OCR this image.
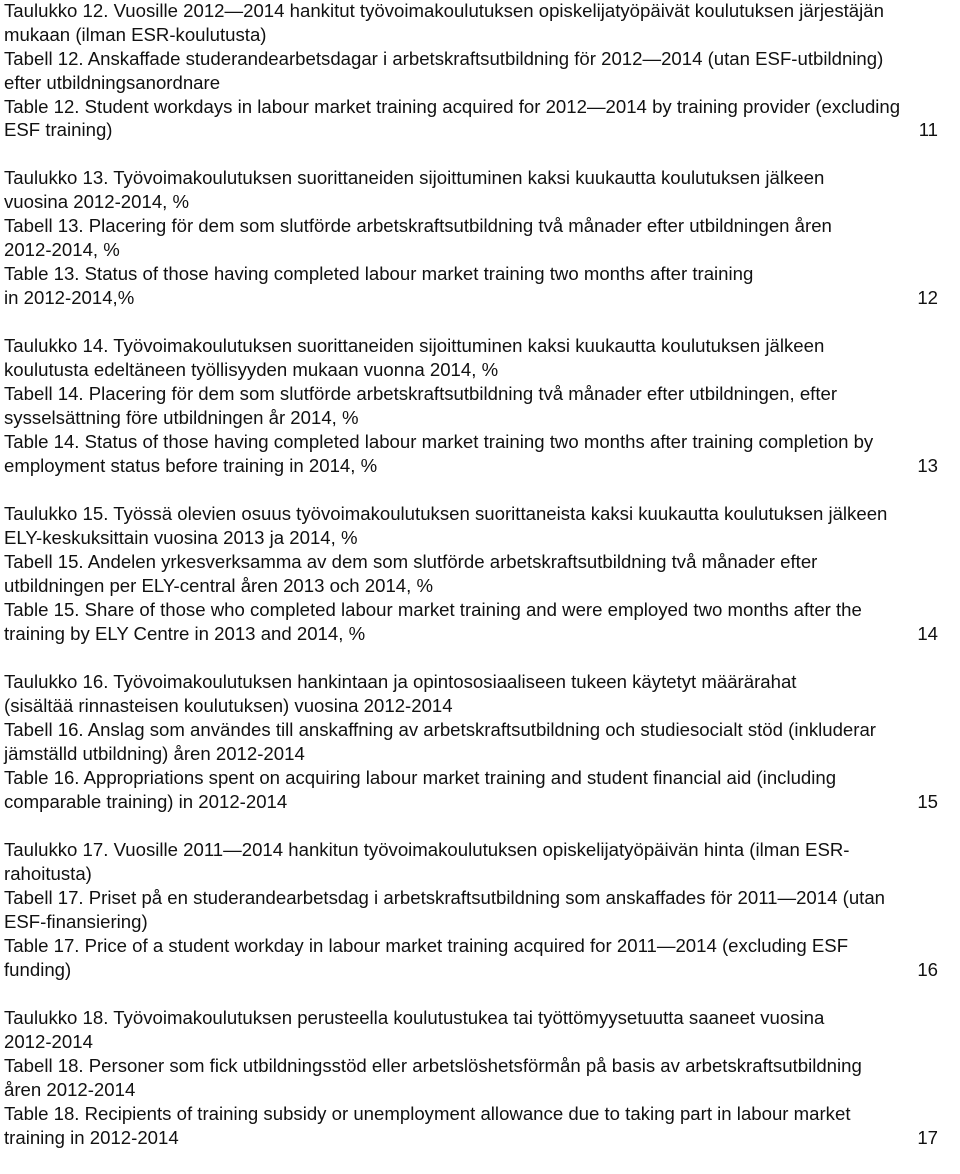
Taulukko 12. Vuosille 2012—2014 hankitut työvoimakoulutuksen opiskelijatyöpäivät koulutuksen järjestäjän
mukaan (ilman ESR-koulutusta)
Tabell 12. Anskaffade studerandearbetsdagar i arbetskraftsutbildning för 2012—2014 (utan ESF-utbildning)
efter utbildningsanordnare
Table 12. Student workdays in labour market training acquired for 2012—2014 by training provider (excluding
ESF training)	11
Taulukko 13. Työvoimakoulutuksen suorittaneiden sijoittuminen kaksi kuukautta koulutuksen jälkeen
vuosina 2012-2014, %
Tabell 13. Placering för dem som slutförde arbetskraftsutbildning två månader efter utbildningen åren
2012-2014, %
Table 13. Status of those having completed labour market training two months after training
in 2012-2014,%	12
Taulukko 14. Työvoimakoulutuksen suorittaneiden sijoittuminen kaksi kuukautta koulutuksen jälkeen
koulutusta edeltäneen työllisyyden mukaan vuonna 2014, %
Tabell 14. Placering för dem som slutförde arbetskraftsutbildning två månader efter utbildningen, efter
sysselsättning före utbildningen år 2014, %
Table 14. Status of those having completed labour market training two months after training completion by
employment status before training in 2014, %	13
Taulukko 15. Työssä olevien osuus työvoimakoulutuksen suorittaneista kaksi kuukautta koulutuksen jälkeen
ELY-keskuksittain vuosina 2013 ja 2014, %
Tabell 15. Andelen yrkesverksamma av dem som slutförde arbetskraftsutbildning två månader efter
utbildningen per ELY-central åren 2013 och 2014, %
Table 15. Share of those who completed labour market training and were employed two months after the
training by ELY Centre in 2013 and 2014, %	14
Taulukko 16. Työvoimakoulutuksen hankintaan ja opintososiaaliseen tukeen käytetyt määrärahat
(sisältää rinnasteisen koulutuksen) vuosina 2012-2014
Tabell 16. Anslag som användes till anskaffning av arbetskraftsutbildning och studiesocialt stöd (inkluderar
jämställd utbildning) åren 2012-2014
Table 16. Appropriations spent on acquiring labour market training and student financial aid (including
comparable training) in 2012-2014	15
Taulukko 17. Vuosille 2011—2014 hankitun työvoimakoulutuksen opiskelijatyöpäivän hinta (ilman ESR-
rahoitusta)
Tabell 17. Priset på en studerandearbetsdag i arbetskraftsutbildning som anskaffades för 2011—2014 (utan
ESF-finansiering)
Table 17. Price of a student workday in labour market training acquired for 2011—2014 (excluding ESF
funding)	16
Taulukko 18. Työvoimakoulutuksen perusteella koulutustukea tai työttömyysetuutta saaneet vuosina
2012-2014
Tabell 18. Personer som fick utbildningsstöd eller arbetslöshetsförmån på basis av arbetskraftsutbildning
åren 2012-2014
Table 18. Recipients of training subsidy or unemployment allowance due to taking part in labour market
training in 2012-2014	17
